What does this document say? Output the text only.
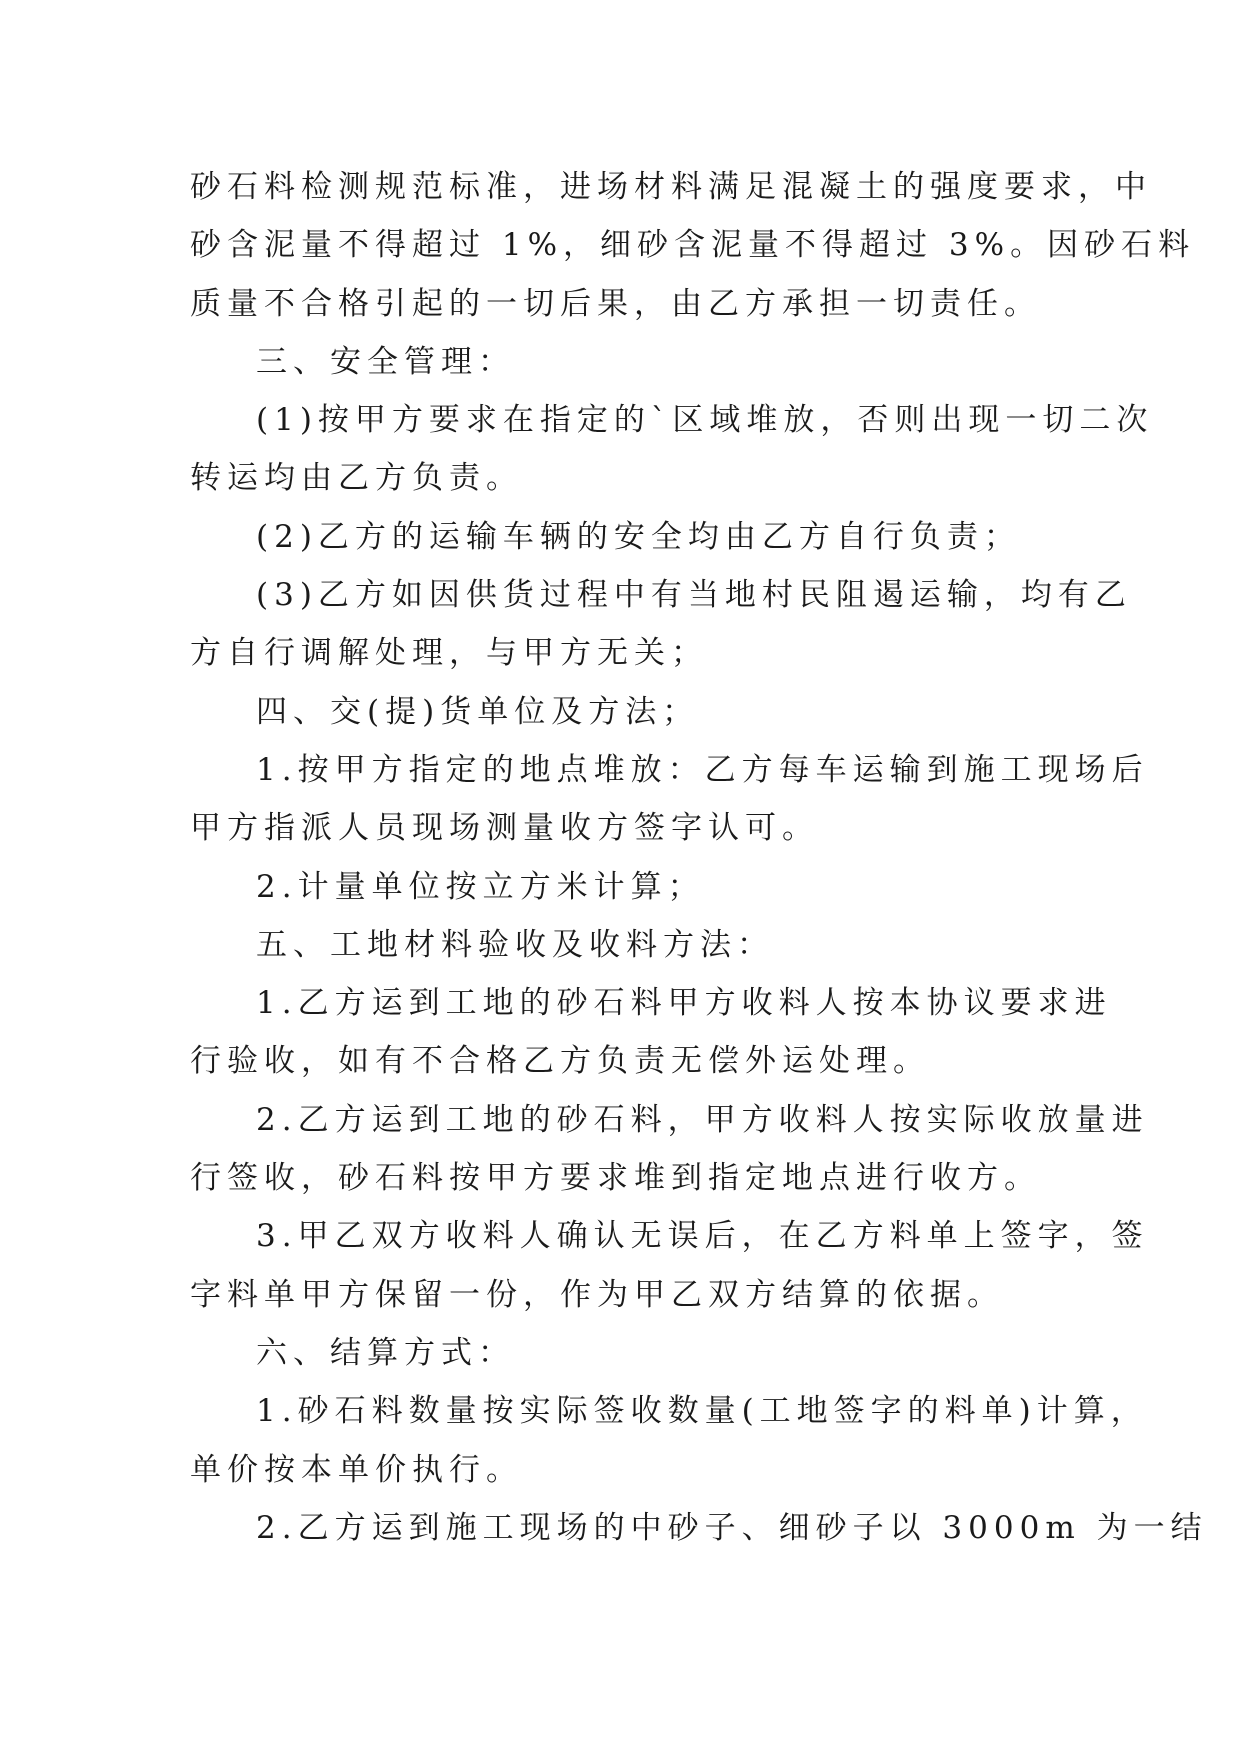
砂石料检测规范标准，进场材料满足混凝土的强度要求，中
砂含泥量不得超过 1%，细砂含泥量不得超过 3%。因砂石料
质量不合格引起的一切后果，由乙方承担一切责任。
三、安全管理：
(1)按甲方要求在指定的`区域堆放，否则出现一切二次
转运均由乙方负责。
(2)乙方的运输车辆的安全均由乙方自行负责；
(3)乙方如因供货过程中有当地村民阻遏运输，均有乙
方自行调解处理，与甲方无关；
四、交(提)货单位及方法；
1.按甲方指定的地点堆放：乙方每车运输到施工现场后
甲方指派人员现场测量收方签字认可。
2.计量单位按立方米计算；
五、工地材料验收及收料方法：
1.乙方运到工地的砂石料甲方收料人按本协议要求进
行验收，如有不合格乙方负责无偿外运处理。
2.乙方运到工地的砂石料，甲方收料人按实际收放量进
行签收，砂石料按甲方要求堆到指定地点进行收方。
3.甲乙双方收料人确认无误后，在乙方料单上签字，签
字料单甲方保留一份，作为甲乙双方结算的依据。
六、结算方式：
1.砂石料数量按实际签收数量(工地签字的料单)计算，
单价按本单价执行。
2.乙方运到施工现场的中砂子、细砂子以 3000m 为一结
